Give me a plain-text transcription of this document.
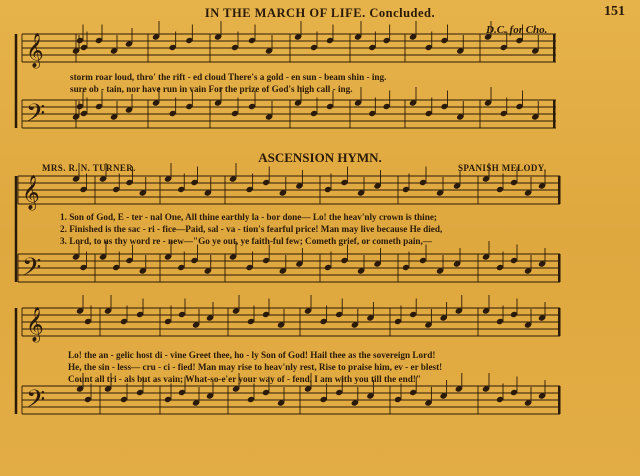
𝄞
𝄢
𝄞
𝄢
𝄞
𝄢
IN THE MARCH OF LIFE. Concluded.	151
D.C. for Cho.
storm roar loud, thro' the rift - ed cloud There's a gold - en sun - beam shin - ing.
sure ob - tain, nor have run in vain For the prize of God's high call - ing.
ASCENSION HYMN.
MRS. R. N. TURNER.	SPANISH MELODY.
1. Son of God, E - ter - nal One, All thine earthly la - bor done— Lo! the heav'nly crown is thine;
2. Finished is the sac - ri - fice—Paid, sal - va - tion's fearful price! Man may live because He died,
3. Lord, to us thy word re - new—"Go ye out, ye faith-ful few; Cometh grief, or cometh pain,—
Lo! the an - gelic host di - vine Greet thee, ho - ly Son of God! Hail thee as the sovereign Lord!
He, the sin - less— cru - ci - fied! Man may rise to heav'nly rest, Rise to praise him, ev - er blest!
Count all tri - als but as vain; What-so-e'er your way of - fend, I am with you till the end!"
